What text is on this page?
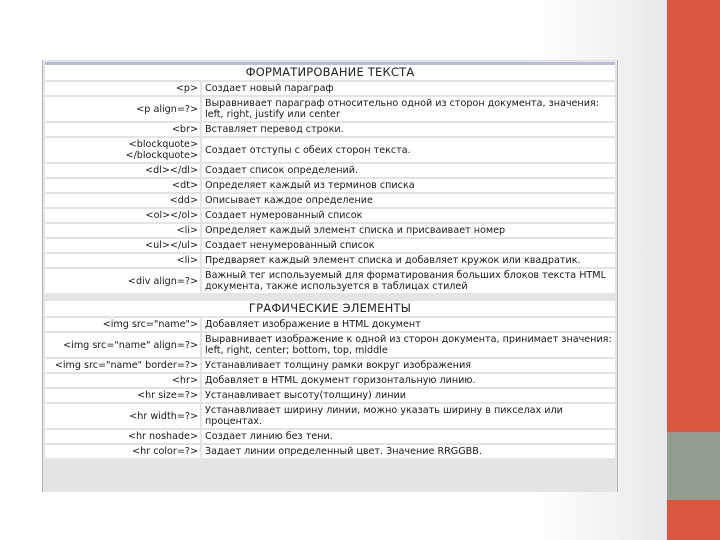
ФОРМАТИРОВАНИЕ ТЕКСТА	
<p>	Создает новый параграф
<p align=?>	Выравнивает параграф относительно одной из сторон документа, значения: left, right, justify или center
<br>	Вставляет перевод строки.
<blockquote>
</blockquote>	Создает отступы с обеих сторон текста.
<dl></dl>	Создает список определений.
<dt>	Определяет каждый из терминов списка
<dd>	Описывает каждое определение
<ol></ol>	Создает нумерованный список
<li>	Определяет каждый элемент списка и присваивает номер
<ul></ul>	Создает ненумерованный список
<li>	Предваряет каждый элемент списка и добавляет кружок или квадратик.
<div align=?>	Важный тег используемый для форматирования больших блоков текста HTML документа, также используется в таблицах стилей

ГРАФИЧЕСКИЕ ЭЛЕМЕНТЫ	
<img src="name">	Добавляет изображение в HTML документ
<img src="name" align=?>	Выравнивает изображение к одной из сторон документа, принимает значения: left, right, center; bottom, top, middle
<img src="name" border=?>	Устанавливает толщину рамки вокруг изображения
<hr>	Добавляет в HTML документ горизонтальную линию.
<hr size=?>	Устанавливает высоту(толщину) линии
<hr width=?>	Устанавливает ширину линии, можно указать ширину в пикселах или процентах.
<hr noshade>	Создает линию без тени.
<hr color=?>	Задает линии определенный цвет. Значение RRGGBB.
